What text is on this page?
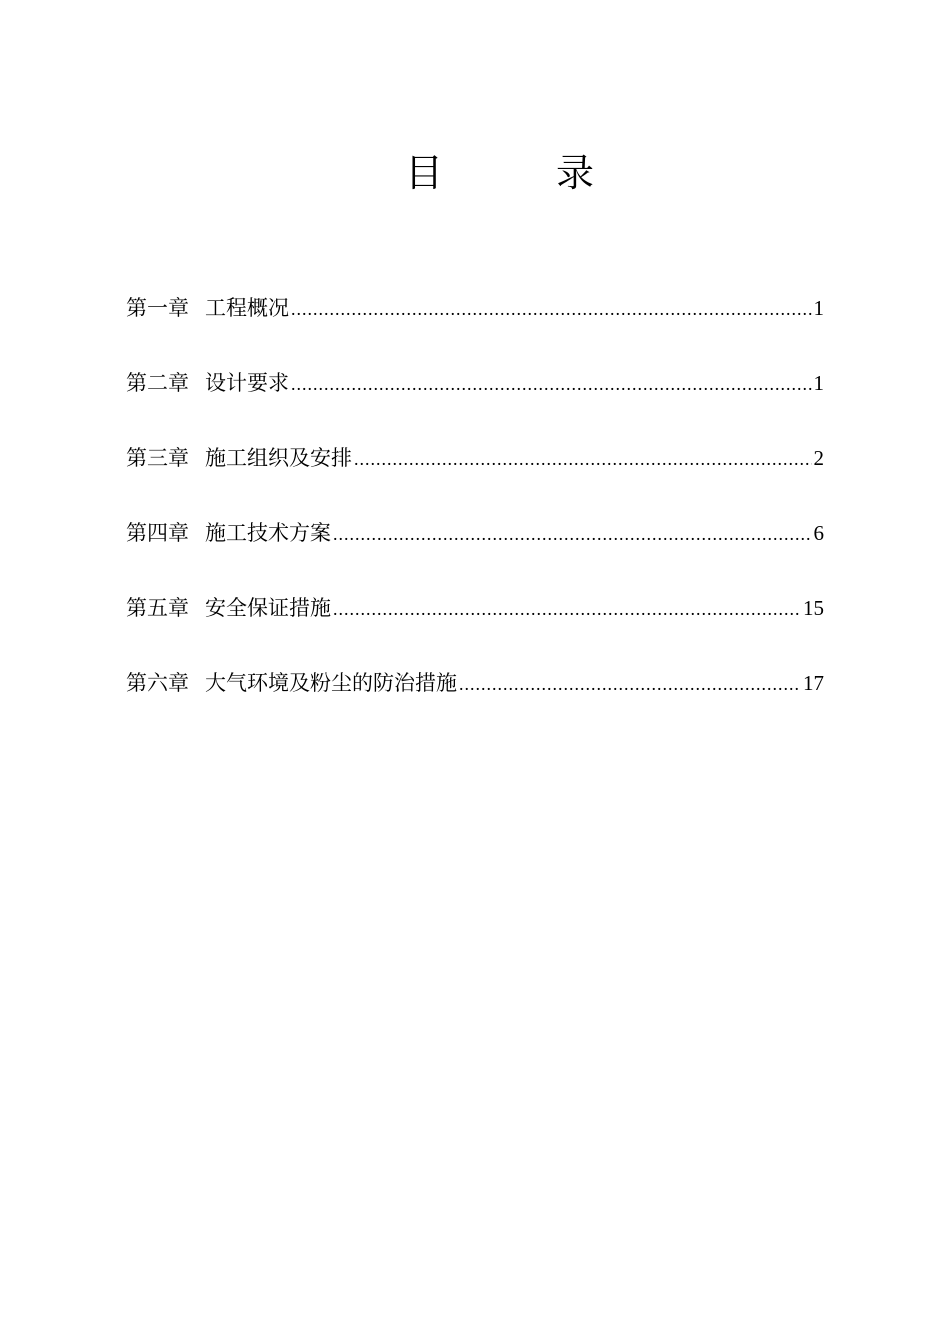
目	录
第一章 工程概况 .....	1
第二章 设计要求 .....	1
第三章 施工组织及安排 .....	2
第四章 施工技术方案 .....	6
第五章 安全保证措施 .....	15
第六章 大气环境及粉尘的防治措施 .....	17
